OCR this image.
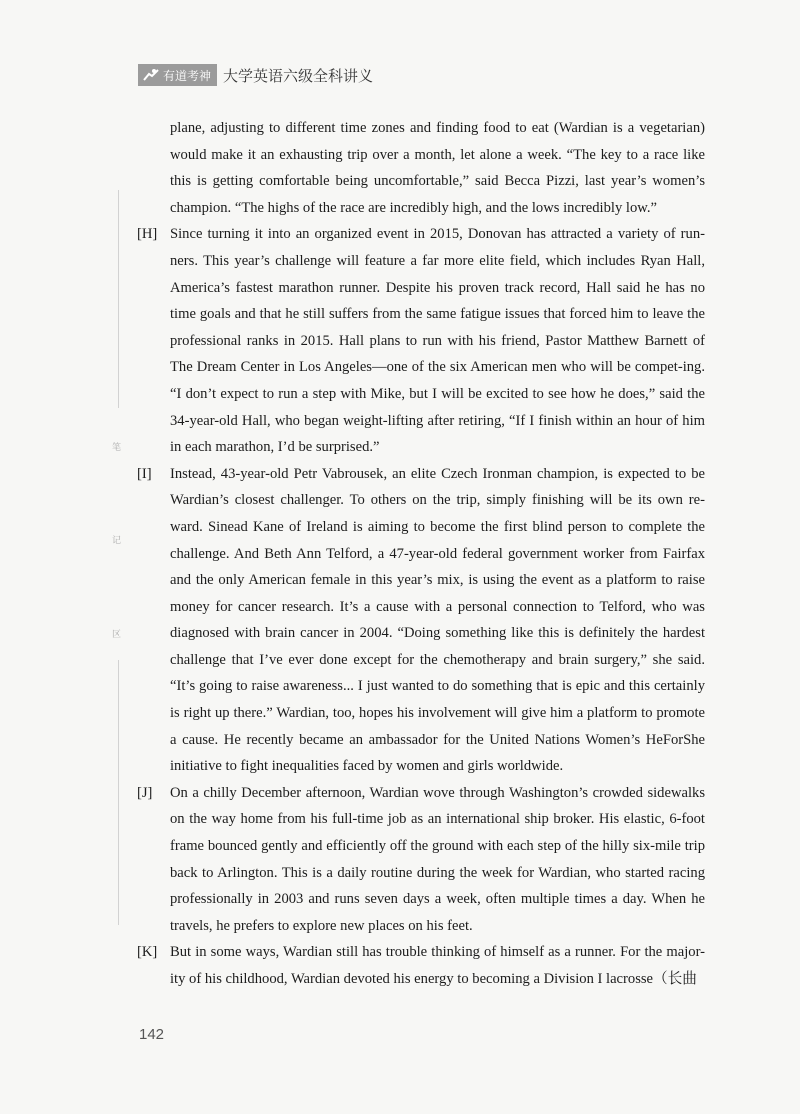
有道考神 大学英语六级全科讲义
笔
记
区
plane, adjusting to different time zones and finding food to eat (Wardian is a vegetarian) would make it an exhausting trip over a month, let alone a week. “The key to a race like this is getting comfortable being uncomfortable,” said Becca Pizzi, last year’s women’s champion. “The highs of the race are incredibly high, and the lows incredibly low.”
[H] Since turning it into an organized event in 2015, Donovan has attracted a variety of run-ners. This year’s challenge will feature a far more elite field, which includes Ryan Hall, America’s fastest marathon runner. Despite his proven track record, Hall said he has no time goals and that he still suffers from the same fatigue issues that forced him to leave the professional ranks in 2015. Hall plans to run with his friend, Pastor Matthew Barnett of The Dream Center in Los Angeles—one of the six American men who will be compet-ing. “I don’t expect to run a step with Mike, but I will be excited to see how he does,” said the 34-year-old Hall, who began weight-lifting after retiring, “If I finish within an hour of him in each marathon, I’d be surprised.”
[I]	Instead, 43-year-old Petr Vabrousek, an elite Czech Ironman champion, is expected to be Wardian’s closest challenger. To others on the trip, simply finishing will be its own re-ward. Sinead Kane of Ireland is aiming to become the first blind person to complete the challenge. And Beth Ann Telford, a 47-year-old federal government worker from Fairfax and the only American female in this year’s mix, is using the event as a platform to raise money for cancer research. It’s a cause with a personal connection to Telford, who was diagnosed with brain cancer in 2004. “Doing something like this is definitely the hardest challenge that I’ve ever done except for the chemotherapy and brain surgery,” she said. “It’s going to raise awareness... I just wanted to do something that is epic and this certainly is right up there.” Wardian, too, hopes his involvement will give him a platform to promote a cause. He recently became an ambassador for the United Nations Women’s HeForShe initiative to fight inequalities faced by women and girls worldwide.
[J]	On a chilly December afternoon, Wardian wove through Washington’s crowded sidewalks on the way home from his full-time job as an international ship broker. His elastic, 6-foot frame bounced gently and efficiently off the ground with each step of the hilly six-mile trip back to Arlington. This is a daily routine during the week for Wardian, who started racing professionally in 2003 and runs seven days a week, often multiple times a day. When he travels, he prefers to explore new places on his feet.
[K] But in some ways, Wardian still has trouble thinking of himself as a runner. For the major-ity of his childhood, Wardian devoted his energy to becoming a Division I lacrosse（长曲
142
